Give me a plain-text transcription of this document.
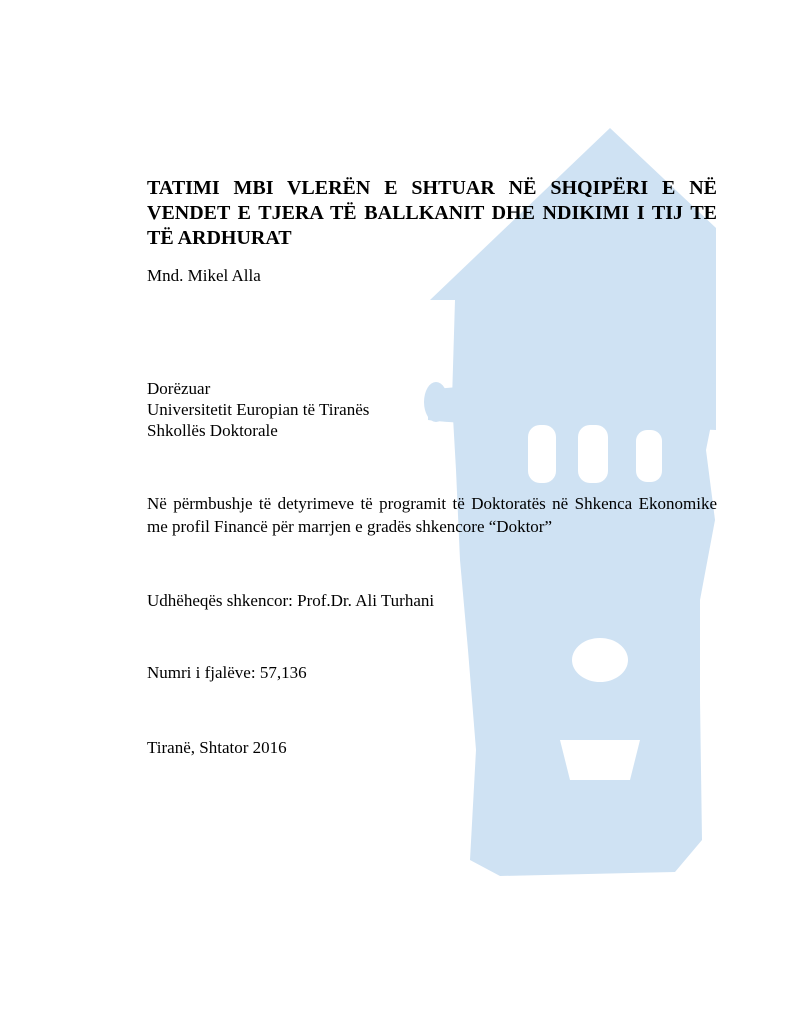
TATIMI MBI VLERËN E SHTUAR NË SHQIPËRI E NË VENDET E TJERA TË BALLKANIT DHE NDIKIMI I TIJ TE TË ARDHURAT

Mnd. Mikel Alla

Dorëzuar

Universitetit Europian të Tiranës

Shkollës Doktorale

Në përmbushje të detyrimeve të programit të Doktoratës në Shkenca Ekonomike me profil Financë për marrjen e gradës shkencore “Doktor”

Udhëheqës shkencor: Prof.Dr. Ali Turhani

Numri i fjalëve: 57,136

Tiranë, Shtator 2016
